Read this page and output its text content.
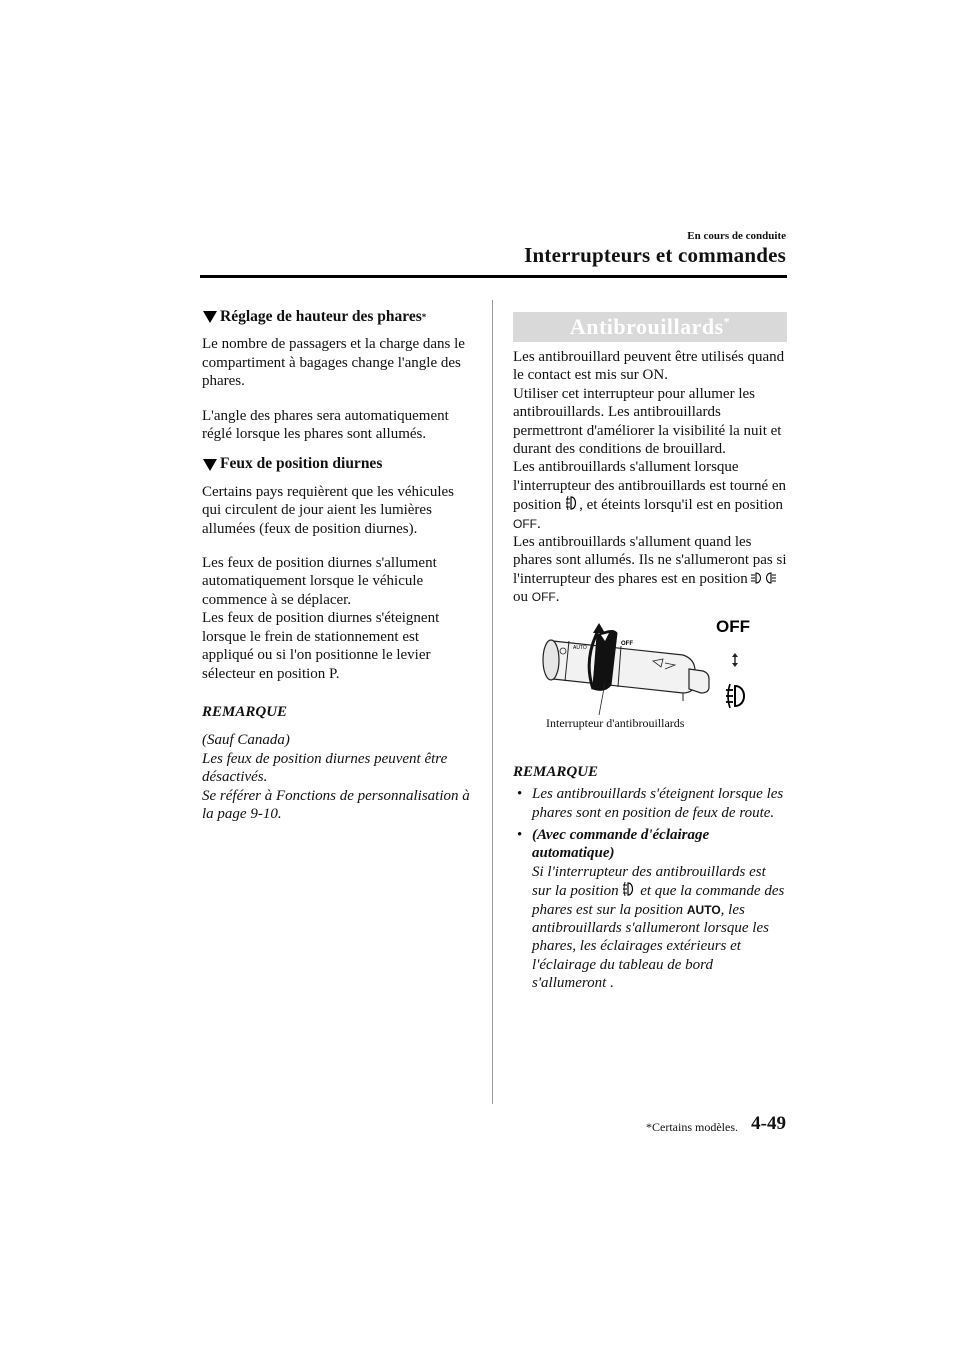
En cours de conduite
Interrupteurs et commandes
Réglage de hauteur des phares *

Le nombre de passagers et la charge dans le compartiment à bagages change l'angle des phares.

L'angle des phares sera automatiquement réglé lorsque les phares sont allumés.

Feux de position diurnes

Certains pays requièrent que les véhicules qui circulent de jour aient les lumières allumées (feux de position diurnes).

Les feux de position diurnes s'allument automatiquement lorsque le véhicule commence à se déplacer.

Les feux de position diurnes s'éteignent lorsque le frein de stationnement est appliqué ou si l'on positionne le levier sélecteur en position P.

REMARQUE

(Sauf Canada)

Les feux de position diurnes peuvent être désactivés.

Se référer à Fonctions de personnalisation à la page 9-10.

Antibrouillards*

Les antibrouillard peuvent être utilisés quand le contact est mis sur ON.

Utiliser cet interrupteur pour allumer les antibrouillards. Les antibrouillards permettront d'améliorer la visibilité la nuit et durant des conditions de brouillard.

Les antibrouillards s'allument lorsque l'interrupteur des antibrouillards est tourné en position , et éteints lorsqu'il est en position OFF.

Les antibrouillards s'allument quand les phares sont allumés. Ils ne s'allumeront pas si l'interrupteur des phares est en position  ou OFF.

OFF
AUTO
OFF
Interrupteur d'antibrouillards

REMARQUE

• Les antibrouillards s'éteignent lorsque les phares sont en position de feux de route.
• (Avec commande d'éclairage automatique)
Si l'interrupteur des antibrouillards est sur la position et que la commande des phares est sur la position AUTO, les antibrouillards s'allumeront lorsque les phares, les éclairages extérieurs et l'éclairage du tableau de bord s'allumeront .
*Certains modèles. 4-49
